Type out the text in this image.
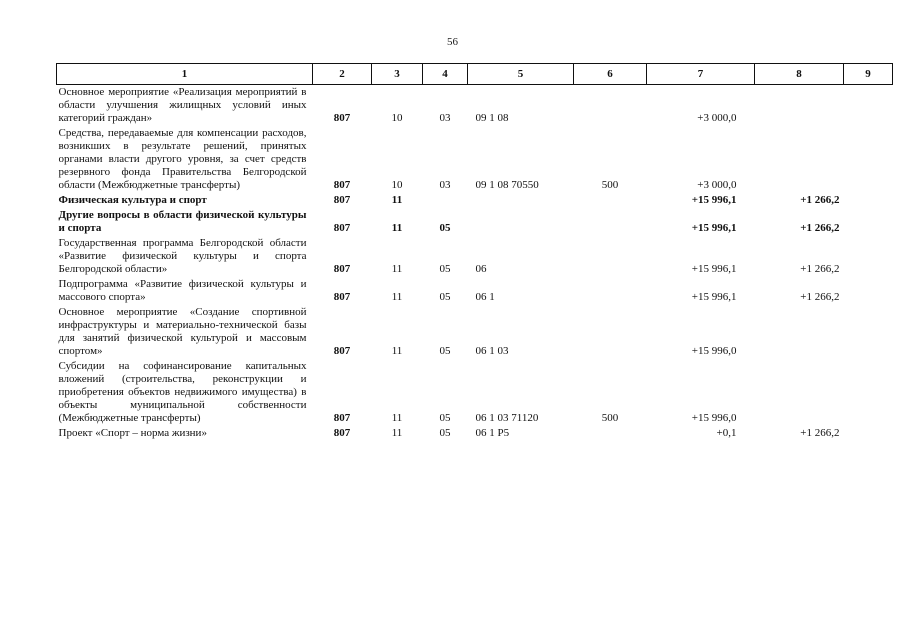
56
1	2	3	4	5	6	7	8	9
Основное мероприятие «Реализация мероприятий в области улучшения жилищных условий иных категорий граждан»	807	10	03	09 1 08		+3 000,0		
Средства, передаваемые для компенсации расходов, возникших в результате решений, принятых органами власти другого уровня, за счет средств резервного фонда Правительства Белгородской области (Межбюджетные трансферты)	807	10	03	09 1 08 70550	500	+3 000,0		
Физическая культура и спорт	807	11				+15 996,1	+1 266,2	
Другие вопросы в области физической культуры и спорта	807	11	05			+15 996,1	+1 266,2	
Государственная программа Белгородской области «Развитие физической культуры и спорта Белгородской области»	807	11	05	06		+15 996,1	+1 266,2	
Подпрограмма «Развитие физической культуры и массового спорта»	807	11	05	06 1		+15 996,1	+1 266,2	
Основное мероприятие «Создание спортивной инфраструктуры и материально-технической базы для занятий физической культурой и массовым спортом»	807	11	05	06 1 03		+15 996,0		
Субсидии на софинансирование капитальных вложений (строительства, реконструкции и приобретения объектов недвижимого имущества) в объекты муниципальной собственности (Межбюджетные трансферты)	807	11	05	06 1 03 71120	500	+15 996,0		
Проект «Спорт – норма жизни»	807	11	05	06 1 P5		+0,1	+1 266,2	
